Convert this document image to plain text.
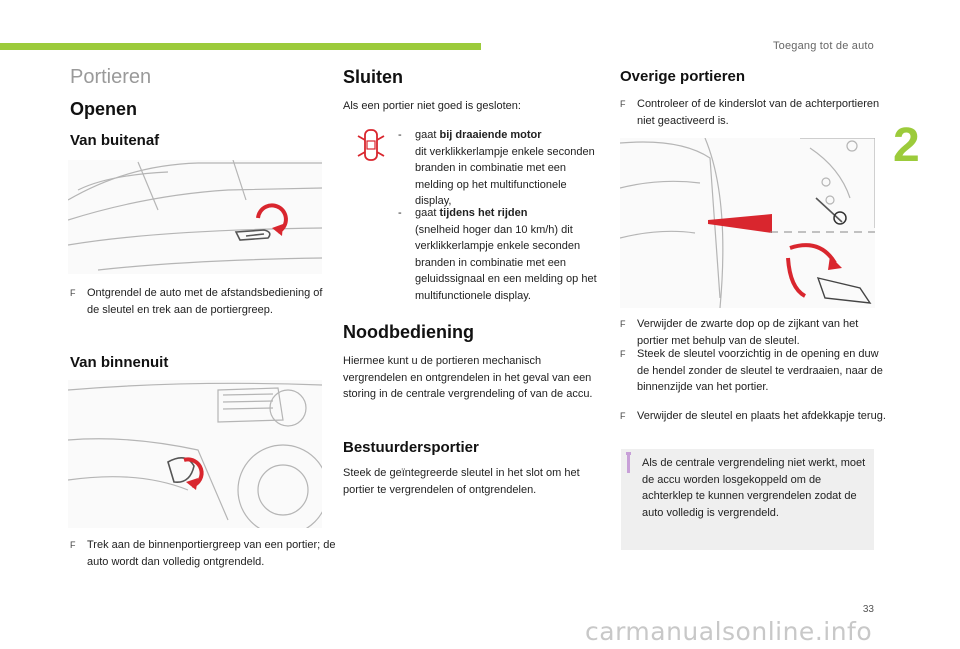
Toegang tot de auto
2
Portieren
Openen
Van buitenaf
F Ontgrendel de auto met de afstandsbediening of de sleutel en trek aan de portiergreep.
Van binnenuit
F Trek aan de binnenportiergreep van een portier; de auto wordt dan volledig ontgrendeld.
Sluiten
Als een portier niet goed is gesloten:
- gaat bij draaiende motor
dit verklikkerlampje enkele seconden branden in combinatie met een melding op het multifunctionele display,
- gaat tijdens het rijden
(snelheid hoger dan 10 km/h) dit verklikkerlampje enkele seconden branden in combinatie met een geluidssignaal en een melding op het multifunctionele display.
Noodbediening
Hiermee kunt u de portieren mechanisch vergrendelen en ontgrendelen in het geval van een storing in de centrale vergrendeling of van de accu.
Bestuurdersportier
Steek de geïntegreerde sleutel in het slot om het portier te vergrendelen of ontgrendelen.
Overige portieren
F Controleer of de kinderslot van de achterportieren niet geactiveerd is.
F Verwijder de zwarte dop op de zijkant van het portier met behulp van de sleutel.
F Steek de sleutel voorzichtig in de opening en duw de hendel zonder de sleutel te verdraaien, naar de binnenzijde van het portier.
F Verwijder de sleutel en plaats het afdekkapje terug.
Als de centrale vergrendeling niet werkt, moet de accu worden losgekoppeld om de achterklep te kunnen vergrendelen zodat de auto volledig is vergrendeld.
33
carmanualsonline.info
